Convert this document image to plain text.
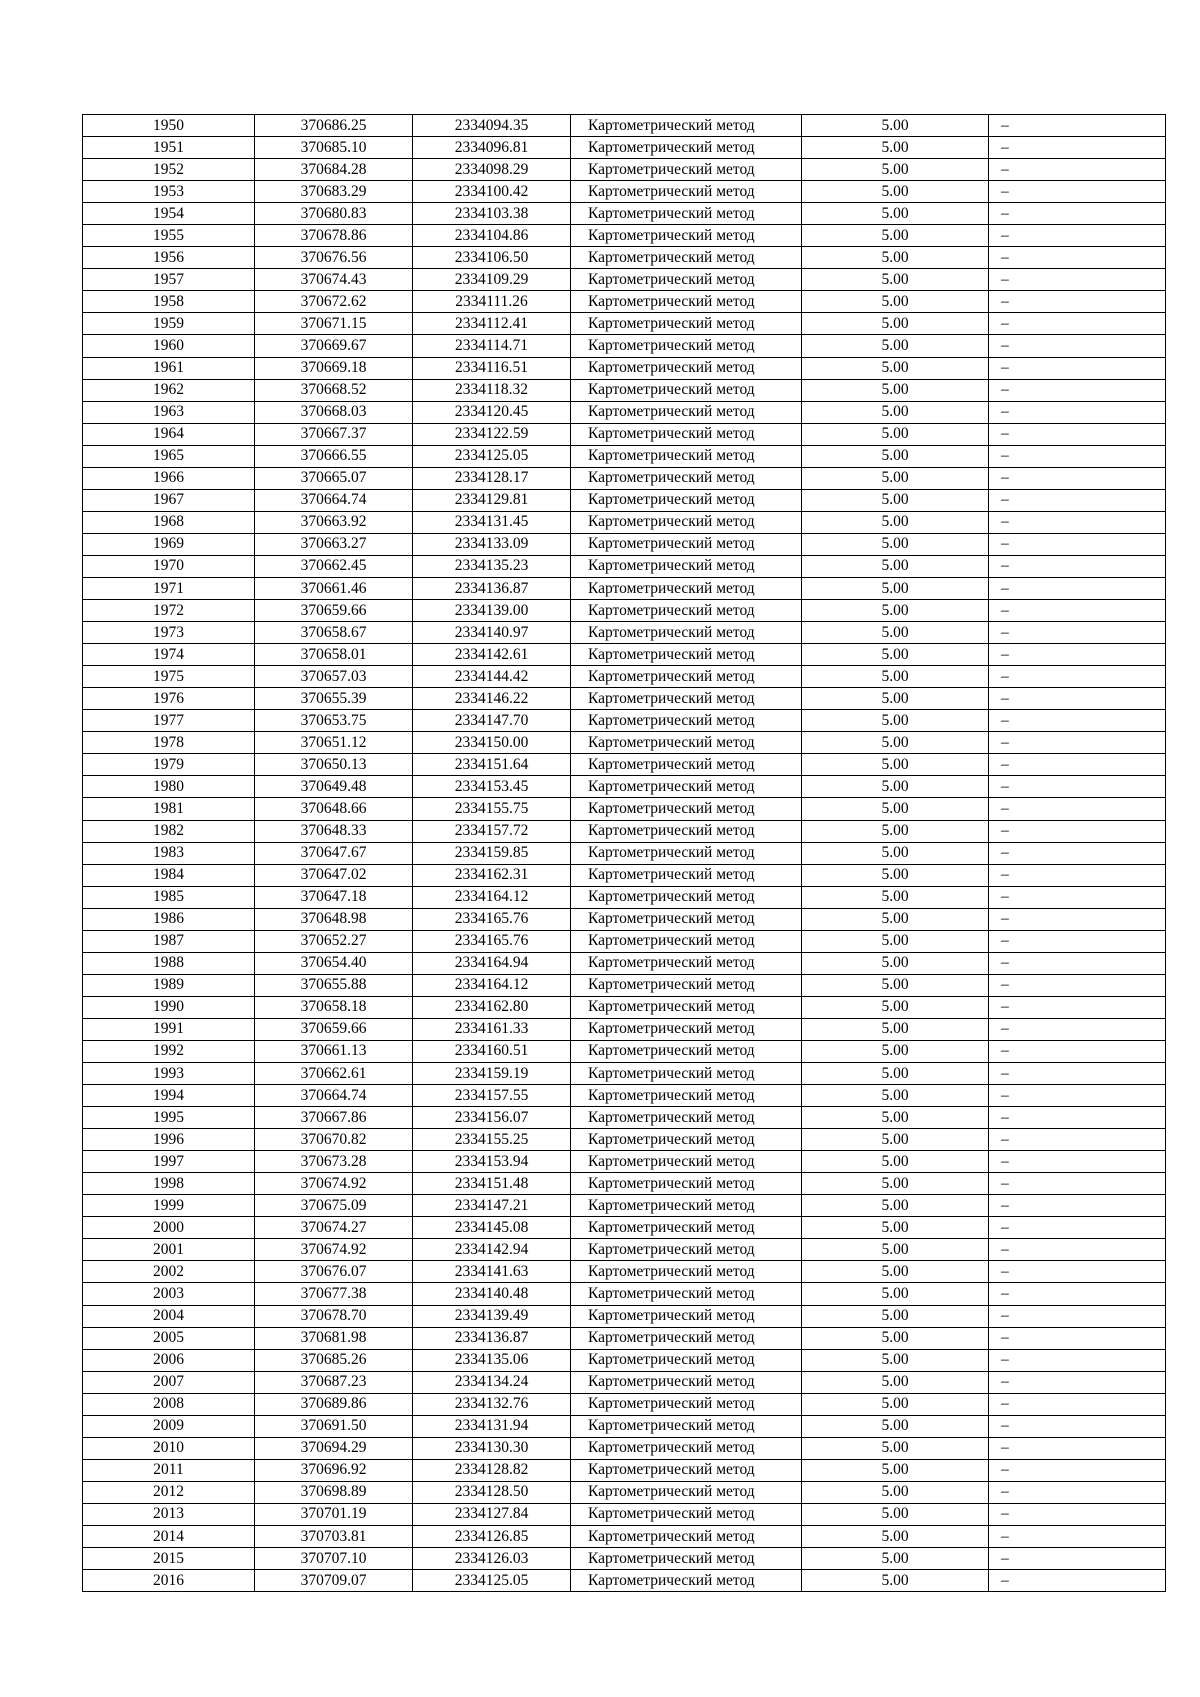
1950	370686.25	2334094.35	Картометрический метод	5.00	–
1951	370685.10	2334096.81	Картометрический метод	5.00	–
1952	370684.28	2334098.29	Картометрический метод	5.00	–
1953	370683.29	2334100.42	Картометрический метод	5.00	–
1954	370680.83	2334103.38	Картометрический метод	5.00	–
1955	370678.86	2334104.86	Картометрический метод	5.00	–
1956	370676.56	2334106.50	Картометрический метод	5.00	–
1957	370674.43	2334109.29	Картометрический метод	5.00	–
1958	370672.62	2334111.26	Картометрический метод	5.00	–
1959	370671.15	2334112.41	Картометрический метод	5.00	–
1960	370669.67	2334114.71	Картометрический метод	5.00	–
1961	370669.18	2334116.51	Картометрический метод	5.00	–
1962	370668.52	2334118.32	Картометрический метод	5.00	–
1963	370668.03	2334120.45	Картометрический метод	5.00	–
1964	370667.37	2334122.59	Картометрический метод	5.00	–
1965	370666.55	2334125.05	Картометрический метод	5.00	–
1966	370665.07	2334128.17	Картометрический метод	5.00	–
1967	370664.74	2334129.81	Картометрический метод	5.00	–
1968	370663.92	2334131.45	Картометрический метод	5.00	–
1969	370663.27	2334133.09	Картометрический метод	5.00	–
1970	370662.45	2334135.23	Картометрический метод	5.00	–
1971	370661.46	2334136.87	Картометрический метод	5.00	–
1972	370659.66	2334139.00	Картометрический метод	5.00	–
1973	370658.67	2334140.97	Картометрический метод	5.00	–
1974	370658.01	2334142.61	Картометрический метод	5.00	–
1975	370657.03	2334144.42	Картометрический метод	5.00	–
1976	370655.39	2334146.22	Картометрический метод	5.00	–
1977	370653.75	2334147.70	Картометрический метод	5.00	–
1978	370651.12	2334150.00	Картометрический метод	5.00	–
1979	370650.13	2334151.64	Картометрический метод	5.00	–
1980	370649.48	2334153.45	Картометрический метод	5.00	–
1981	370648.66	2334155.75	Картометрический метод	5.00	–
1982	370648.33	2334157.72	Картометрический метод	5.00	–
1983	370647.67	2334159.85	Картометрический метод	5.00	–
1984	370647.02	2334162.31	Картометрический метод	5.00	–
1985	370647.18	2334164.12	Картометрический метод	5.00	–
1986	370648.98	2334165.76	Картометрический метод	5.00	–
1987	370652.27	2334165.76	Картометрический метод	5.00	–
1988	370654.40	2334164.94	Картометрический метод	5.00	–
1989	370655.88	2334164.12	Картометрический метод	5.00	–
1990	370658.18	2334162.80	Картометрический метод	5.00	–
1991	370659.66	2334161.33	Картометрический метод	5.00	–
1992	370661.13	2334160.51	Картометрический метод	5.00	–
1993	370662.61	2334159.19	Картометрический метод	5.00	–
1994	370664.74	2334157.55	Картометрический метод	5.00	–
1995	370667.86	2334156.07	Картометрический метод	5.00	–
1996	370670.82	2334155.25	Картометрический метод	5.00	–
1997	370673.28	2334153.94	Картометрический метод	5.00	–
1998	370674.92	2334151.48	Картометрический метод	5.00	–
1999	370675.09	2334147.21	Картометрический метод	5.00	–
2000	370674.27	2334145.08	Картометрический метод	5.00	–
2001	370674.92	2334142.94	Картометрический метод	5.00	–
2002	370676.07	2334141.63	Картометрический метод	5.00	–
2003	370677.38	2334140.48	Картометрический метод	5.00	–
2004	370678.70	2334139.49	Картометрический метод	5.00	–
2005	370681.98	2334136.87	Картометрический метод	5.00	–
2006	370685.26	2334135.06	Картометрический метод	5.00	–
2007	370687.23	2334134.24	Картометрический метод	5.00	–
2008	370689.86	2334132.76	Картометрический метод	5.00	–
2009	370691.50	2334131.94	Картометрический метод	5.00	–
2010	370694.29	2334130.30	Картометрический метод	5.00	–
2011	370696.92	2334128.82	Картометрический метод	5.00	–
2012	370698.89	2334128.50	Картометрический метод	5.00	–
2013	370701.19	2334127.84	Картометрический метод	5.00	–
2014	370703.81	2334126.85	Картометрический метод	5.00	–
2015	370707.10	2334126.03	Картометрический метод	5.00	–
2016	370709.07	2334125.05	Картометрический метод	5.00	–
